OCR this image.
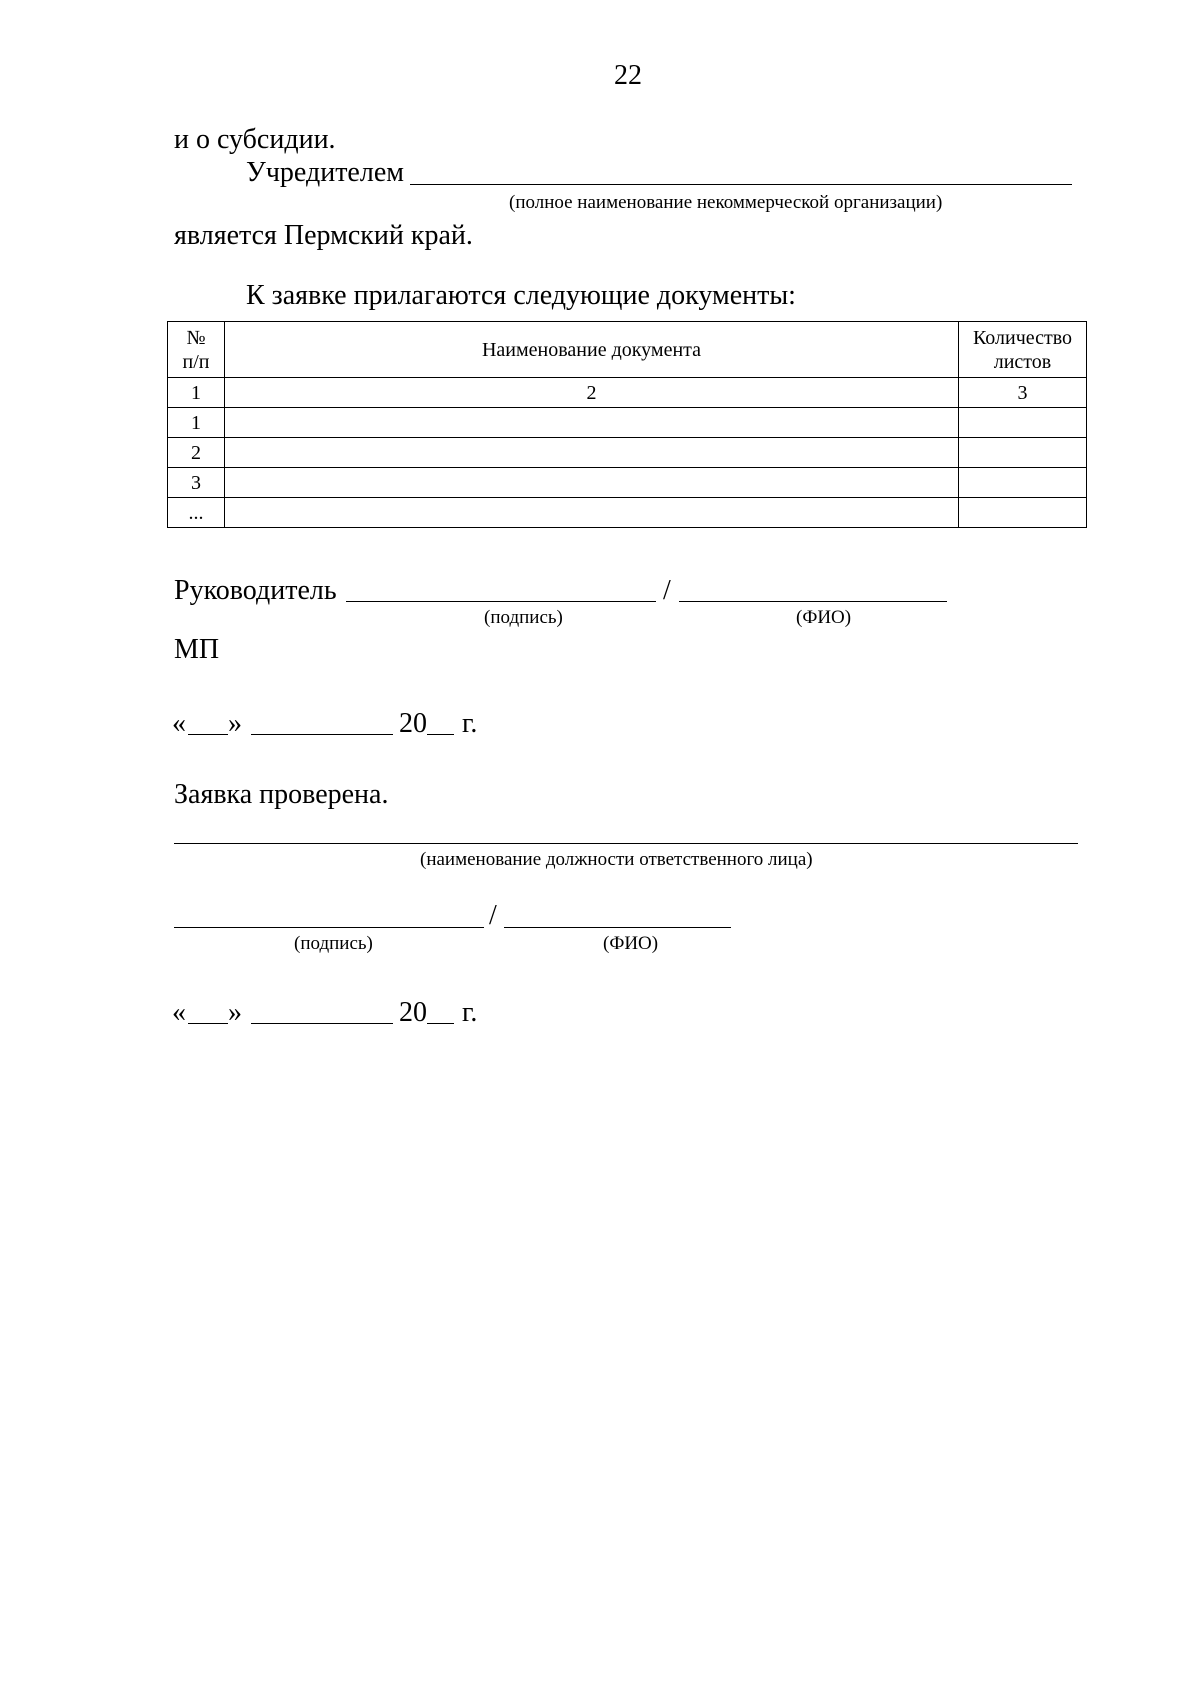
22
и о субсидии.
Учредителем
(полное наименование некоммерческой организации)
является Пермский край.
К заявке прилагаются следующие документы:
№ п/п	Наименование документа	Количество листов
1	2	3
1		
2		
3		
...		
Руководитель	/
(подпись)	(ФИО)
МП
« »	20 г.
Заявка проверена.
(наименование должности ответственного лица)
/
(подпись)	(ФИО)
« »	20 г.
